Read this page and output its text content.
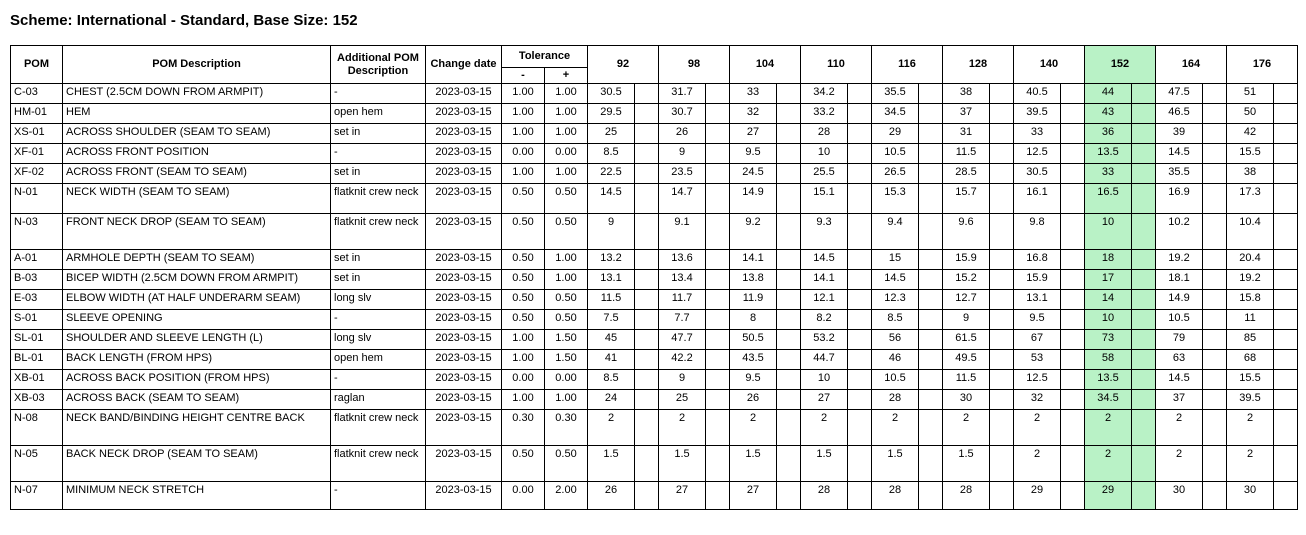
Scheme: International - Standard, Base Size: 152
POM	POM Description	Additional POM Description	Change date	Tolerance		92		98		104		110		116		128		140		152		164		176	
				-	+																				
C-03	CHEST (2.5CM DOWN FROM ARMPIT)	-	2023-03-15	1.00	1.00	30.5		31.7		33		34.2		35.5		38		40.5		44		47.5		51	
HM-01	HEM	open hem	2023-03-15	1.00	1.00	29.5		30.7		32		33.2		34.5		37		39.5		43		46.5		50	
XS-01	ACROSS SHOULDER (SEAM TO SEAM)	set in	2023-03-15	1.00	1.00	25		26		27		28		29		31		33		36		39		42	
XF-01	ACROSS FRONT POSITION	-	2023-03-15	0.00	0.00	8.5		9		9.5		10		10.5		11.5		12.5		13.5		14.5		15.5	
XF-02	ACROSS FRONT (SEAM TO SEAM)	set in	2023-03-15	1.00	1.00	22.5		23.5		24.5		25.5		26.5		28.5		30.5		33		35.5		38	
N-01	NECK WIDTH (SEAM TO SEAM)	flatknit crew neck	2023-03-15	0.50	0.50	14.5		14.7		14.9		15.1		15.3		15.7		16.1		16.5		16.9		17.3	
N-03	FRONT NECK DROP (SEAM TO SEAM)	flatknit crew neck	2023-03-15	0.50	0.50	9		9.1		9.2		9.3		9.4		9.6		9.8		10		10.2		10.4	
A-01	ARMHOLE DEPTH (SEAM TO SEAM)	set in	2023-03-15	0.50	1.00	13.2		13.6		14.1		14.5		15		15.9		16.8		18		19.2		20.4	
B-03	BICEP WIDTH (2.5CM DOWN FROM ARMPIT)	set in	2023-03-15	0.50	1.00	13.1		13.4		13.8		14.1		14.5		15.2		15.9		17		18.1		19.2	
E-03	ELBOW WIDTH (AT HALF UNDERARM SEAM)	long slv	2023-03-15	0.50	0.50	11.5		11.7		11.9		12.1		12.3		12.7		13.1		14		14.9		15.8	
S-01	SLEEVE OPENING	-	2023-03-15	0.50	0.50	7.5		7.7		8		8.2		8.5		9		9.5		10		10.5		11	
SL-01	SHOULDER AND SLEEVE LENGTH (L)	long slv	2023-03-15	1.00	1.50	45		47.7		50.5		53.2		56		61.5		67		73		79		85	
BL-01	BACK LENGTH (FROM HPS)	open hem	2023-03-15	1.00	1.50	41		42.2		43.5		44.7		46		49.5		53		58		63		68	
XB-01	ACROSS BACK POSITION (FROM HPS)	-	2023-03-15	0.00	0.00	8.5		9		9.5		10		10.5		11.5		12.5		13.5		14.5		15.5	
XB-03	ACROSS BACK (SEAM TO SEAM)	raglan	2023-03-15	1.00	1.00	24		25		26		27		28		30		32		34.5		37		39.5	
N-08	NECK BAND/BINDING HEIGHT CENTRE BACK	flatknit crew neck	2023-03-15	0.30	0.30	2		2		2		2		2		2		2		2		2		2	
N-05	BACK NECK DROP (SEAM TO SEAM)	flatknit crew neck	2023-03-15	0.50	0.50	1.5		1.5		1.5		1.5		1.5		1.5		2		2		2		2	
N-07	MINIMUM NECK STRETCH	-	2023-03-15	0.00	2.00	26		27		27		28		28		28		29		29		30		30	
